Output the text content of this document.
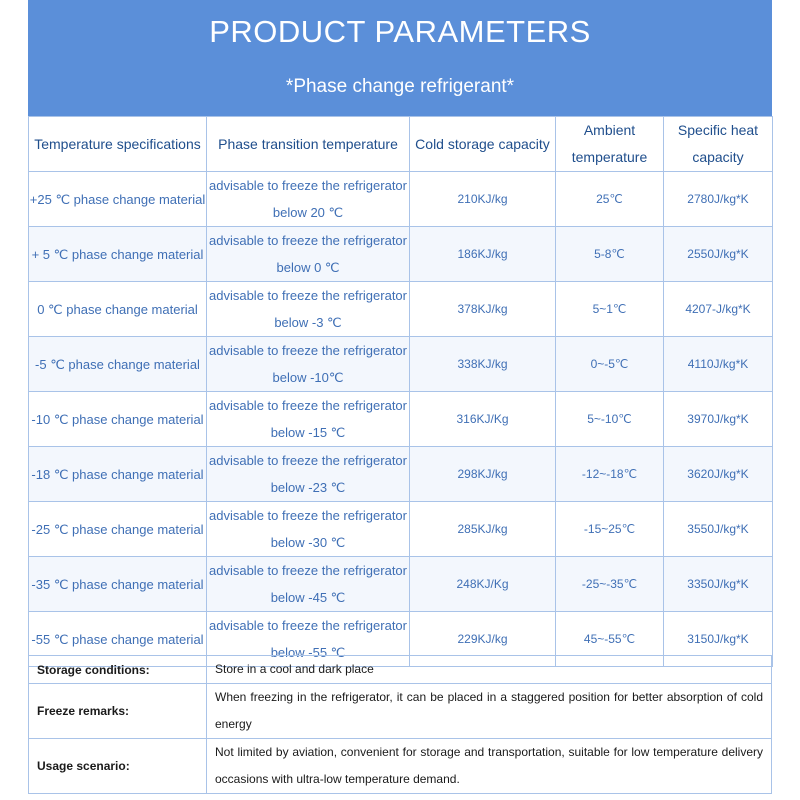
PRODUCT PARAMETERS
*Phase change refrigerant*
Temperature specifications	Phase transition temperature	Cold storage capacity	Ambient temperature	Specific heat capacity
+25 ℃ phase change material	advisable to freeze the refrigerator below 20 ℃	210KJ/kg	25℃	2780J/kg*K
+ 5 ℃ phase change material	advisable to freeze the refrigerator below 0 ℃	186KJ/kg	5-8℃	2550J/kg*K
0 ℃ phase change material	advisable to freeze the refrigerator below -3 ℃	378KJ/kg	5~1℃	4207-J/kg*K
-5 ℃ phase change material	advisable to freeze the refrigerator below -10℃	338KJ/kg	0~-5℃	4110J/kg*K
-10 ℃ phase change material	advisable to freeze the refrigerator below -15 ℃	316KJ/Kg	5~-10℃	3970J/kg*K
-18 ℃ phase change material	advisable to freeze the refrigerator below -23 ℃	298KJ/kg	-12~-18℃	3620J/kg*K
-25 ℃ phase change material	advisable to freeze the refrigerator below -30 ℃	285KJ/kg	-15~25℃	3550J/kg*K
-35 ℃ phase change material	advisable to freeze the refrigerator below -45 ℃	248KJ/Kg	-25~-35℃	3350J/kg*K
-55 ℃ phase change material	advisable to freeze the refrigerator below -55 ℃	229KJ/kg	45~-55℃	3150J/kg*K
Storage conditions:	Store in a cool and dark place
Freeze remarks:	When freezing in the refrigerator, it can be placed in a staggered position for better absorption of cold energy
Usage scenario:	Not limited by aviation, convenient for storage and transportation, suitable for low temperature delivery occasions with ultra-low temperature demand.
